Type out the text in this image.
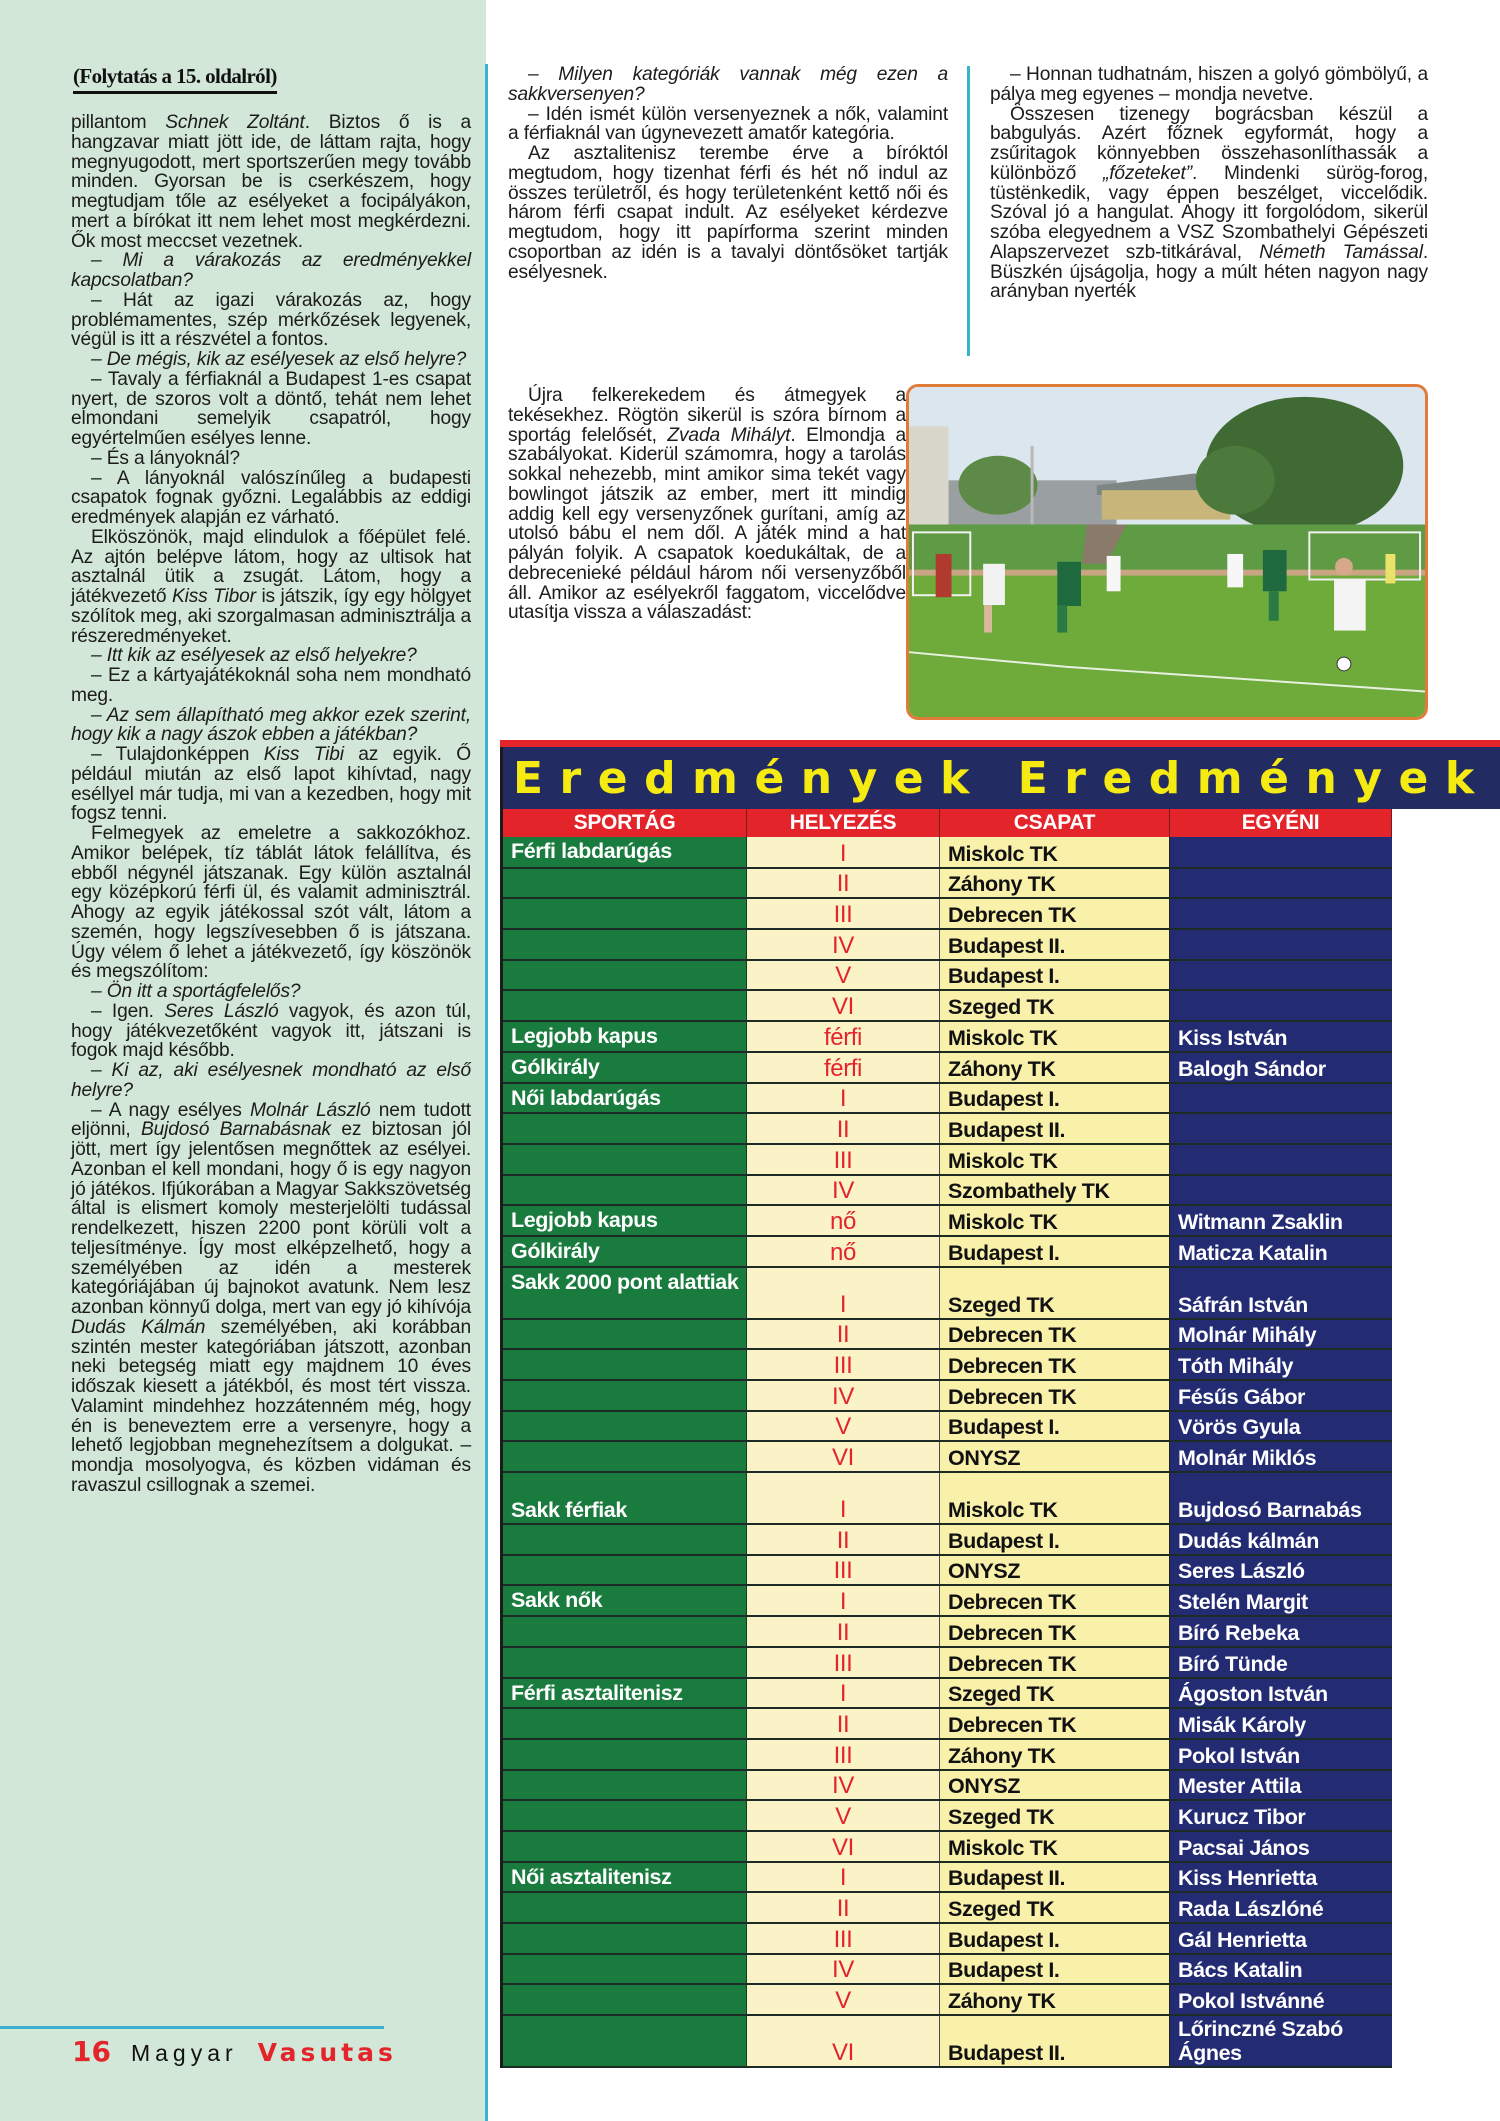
(Folytatás a 15. oldalról)

pillantom Schnek Zoltánt. Biztos ő is a hangzavar miatt jött ide, de láttam rajta, hogy megnyugodott, mert sportszerűen megy tovább minden. Gyorsan be is cserkészem, hogy megtudjam tőle az esélyeket a focipályákon, mert a bírókat itt nem lehet most megkérdezni. Ők most meccset vezetnek.

– Mi a várakozás az eredményekkel kapcsolatban?

– Hát az igazi várakozás az, hogy problémamentes, szép mérkőzések legyenek, végül is itt a részvétel a fontos.

– De mégis, kik az esélyesek az első helyre?

– Tavaly a férfiaknál a Budapest 1-es csapat nyert, de szoros volt a döntő, tehát nem lehet elmondani semelyik csapatról, hogy egyértelműen esélyes lenne.

– És a lányoknál?

– A lányoknál valószínűleg a budapesti csapatok fognak győzni. Legalábbis az eddigi eredmények alapján ez várható.

Elköszönök, majd elindulok a főépület felé. Az ajtón belépve látom, hogy az ultisok hat asztalnál ütik a zsugát. Látom, hogy a játékvezető Kiss Tibor is játszik, így egy hölgyet szólítok meg, aki szorgalmasan adminisztrálja a részeredményeket.

– Itt kik az esélyesek az első helyekre?

– Ez a kártyajátékoknál soha nem mondható meg.

– Az sem állapítható meg akkor ezek szerint, hogy kik a nagy ászok ebben a játékban?

– Tulajdonképpen Kiss Tibi az egyik. Ő például miután az első lapot kihívtad, nagy eséllyel már tudja, mi van a kezedben, hogy mit fogsz tenni.

Felmegyek az emeletre a sakkozókhoz. Amikor belépek, tíz táblát látok felállítva, és ebből négynél játszanak. Egy külön asztalnál egy középkorú férfi ül, és valamit adminisztrál. Ahogy az egyik játékossal szót vált, látom a szemén, hogy legszívesebben ő is játszana. Úgy vélem ő lehet a játékvezető, így köszönök és megszólítom:

– Ön itt a sportágfelelős?

– Igen. Seres László vagyok, és azon túl, hogy játékvezetőként vagyok itt, játszani is fogok majd később.

– Ki az, aki esélyesnek mondható az első helyre?

– A nagy esélyes Molnár László nem tudott eljönni, Bujdosó Barnabásnak ez biztosan jól jött, mert így jelentősen megnőttek az esélyei. Azonban el kell mondani, hogy ő is egy nagyon jó játékos. Ifjúkorában a Magyar Sakkszövetség által is elismert komoly mesterjelölti tudással rendelkezett, hiszen 2200 pont körüli volt a teljesítménye. Így most elképzelhető, hogy a személyében az idén a mesterek kategóriájában új bajnokot avatunk. Nem lesz azonban könnyű dolga, mert van egy jó kihívója Dudás Kálmán személyében, aki korábban szintén mester kategóriában játszott, azonban neki betegség miatt egy majdnem 10 éves időszak kiesett a játékból, és most tért vissza. Valamint mindehhez hozzátenném még, hogy én is beneveztem erre a versenyre, hogy a lehető legjobban megnehezítsem a dolgukat. – mondja mosolyogva, és közben vidáman és ravaszul csillognak a szemei.

– Milyen kategóriák vannak még ezen a sakkversenyen?

– Idén ismét külön versenyeznek a nők, valamint a férfiaknál van úgynevezett amatőr kategória.

Az asztalitenisz terembe érve a bíróktól megtudom, hogy tizenhat férfi és hét nő indul az összes területről, és hogy területenként kettő női és három férfi csapat indult. Az esélyeket kérdezve megtudom, hogy itt papírforma szerint minden csoportban az idén is a tavalyi döntősöket tartják esélyesnek.

Újra felkerekedem és átmegyek a tekésekhez. Rögtön sikerül is szóra bírnom a sportág felelősét, Zvada Mihályt. Elmondja a szabályokat. Kiderül számomra, hogy a tarolás sokkal nehezebb, mint amikor sima tekét vagy bowlingot játszik az ember, mert itt mindig addig kell egy versenyzőnek gurítani, amíg az utolsó bábu el nem dől. A játék mind a hat pályán folyik. A csapatok koedukáltak, de a debrecenieké például három női versenyzőből áll. Amikor az esélyekről faggatom, viccelődve utasítja vissza a válaszadást:

– Honnan tudhatnám, hiszen a golyó gömbölyű, a pálya meg egyenes – mondja nevetve.

Összesen tizenegy bográcsban készül a babgulyás. Azért főznek egyformát, hogy a zsűritagok könnyebben összehasonlíthassák a különböző „főzeteket”. Mindenki sürög-forog, tüstënkedik, vagy éppen beszélget, viccelődik. Szóval jó a hangulat. Ahogy itt forgolódom, sikerül szóba elegyednem a VSZ Szombathelyi Gépészeti Alapszervezet szb-titkárával, Németh Tamással. Büszkén újságolja, hogy a múlt héten nagyon nagy arányban nyerték

Eredmények Eredmények
SPORTÁG	HELYEZÉS	CSAPAT	EGYÉNI
Férfi labdarúgás	I	Miskolc TK	
	II	Záhony TK	
	III	Debrecen TK	
	IV	Budapest II.	
	V	Budapest I.	
	VI	Szeged TK	
Legjobb kapus	férfi	Miskolc TK	Kiss István
Gólkirály	férfi	Záhony TK	Balogh Sándor
Női labdarúgás	I	Budapest I.	
	II	Budapest II.	
	III	Miskolc TK	
	IV	Szombathely TK	
Legjobb kapus	nő	Miskolc TK	Witmann Zsaklin
Gólkirály	nő	Budapest I.	Maticza Katalin
Sakk 2000 pont alattiak	I	Szeged TK	Sáfrán István
	II	Debrecen TK	Molnár Mihály
	III	Debrecen TK	Tóth Mihály
	IV	Debrecen TK	Fésűs Gábor
	V	Budapest I.	Vörös Gyula
	VI	ONYSZ	Molnár Miklós
Sakk férfiak	I	Miskolc TK	Bujdosó Barnabás
	II	Budapest I.	Dudás kálmán
	III	ONYSZ	Seres László
Sakk nők	I	Debrecen TK	Stelén Margit
	II	Debrecen TK	Bíró Rebeka
	III	Debrecen TK	Bíró Tünde
Férfi asztalitenisz	I	Szeged TK	Ágoston István
	II	Debrecen TK	Misák Károly
	III	Záhony TK	Pokol István
	IV	ONYSZ	Mester Attila
	V	Szeged TK	Kurucz Tibor
	VI	Miskolc TK	Pacsai János
Női asztalitenisz	I	Budapest II.	Kiss Henrietta
	II	Szeged TK	Rada Lászlóné
	III	Budapest I.	Gál Henrietta
	IV	Budapest I.	Bács Katalin
	V	Záhony TK	Pokol Istvánné
	VI	Budapest II.	Lőrinczné Szabó Ágnes
16 Magyar Vasutas
